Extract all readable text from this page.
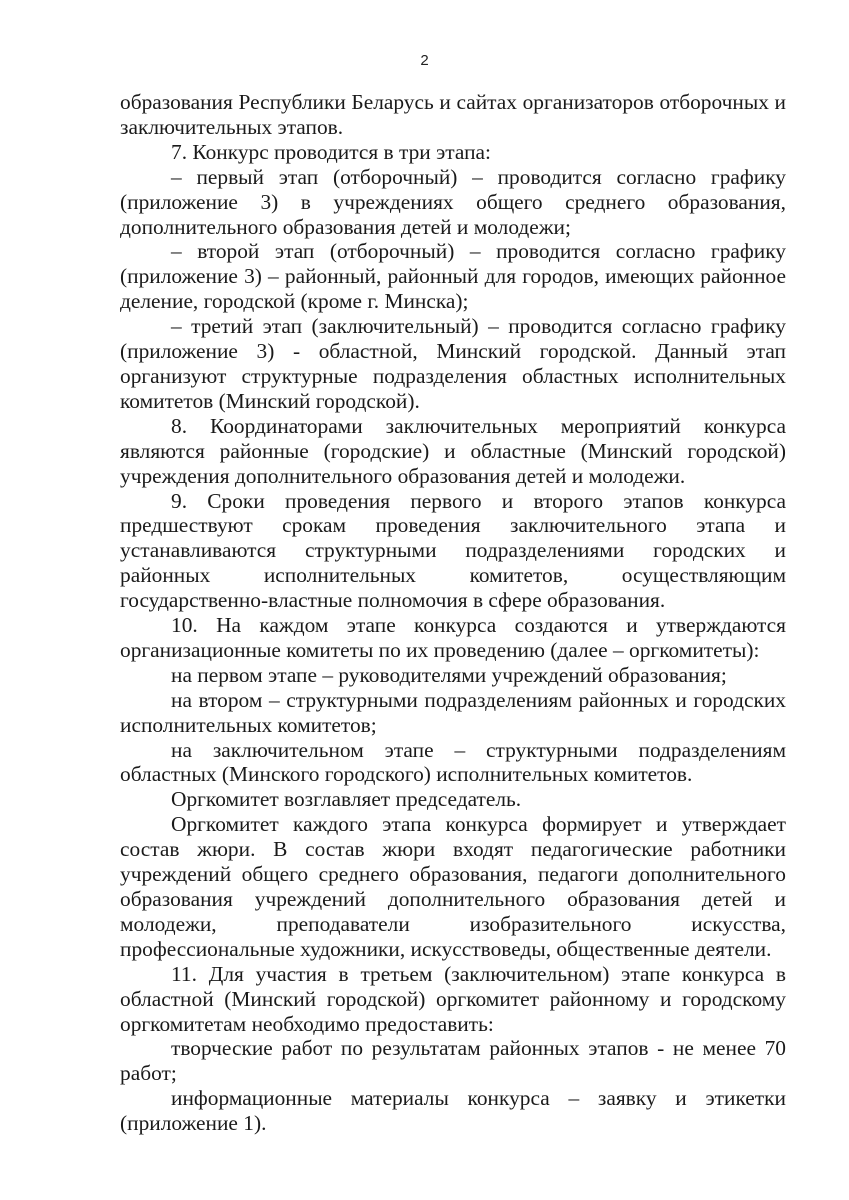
2

образования Республики Беларусь и сайтах организаторов отборочных и заключительных этапов.

7. Конкурс проводится в три этапа:

– первый этап (отборочный) – проводится согласно графику (приложение 3) в учреждениях общего среднего образования, дополнительного образования детей и молодежи;

– второй этап (отборочный) – проводится согласно графику (приложение 3) – районный, районный для городов, имеющих районное деление, городской (кроме г. Минска);

– третий этап (заключительный) – проводится согласно графику (приложение 3) - областной, Минский городской. Данный этап организуют структурные подразделения областных исполнительных комитетов (Минский городской).

8. Координаторами заключительных мероприятий конкурса являются районные (городские) и областные (Минский городской) учреждения дополнительного образования детей и молодежи.

9. Сроки проведения первого и второго этапов конкурса предшествуют срокам проведения заключительного этапа и устанавливаются структурными подразделениями городских и районных исполнительных комитетов, осуществляющим государственно-властные полномочия в сфере образования.

10. На каждом этапе конкурса создаются и утверждаются организационные комитеты по их проведению (далее – оргкомитеты):

на первом этапе – руководителями учреждений образования;

на втором – структурными подразделениям районных и городских исполнительных комитетов;

на заключительном этапе – структурными подразделениям областных (Минского городского) исполнительных комитетов.

Оргкомитет возглавляет председатель.

Оргкомитет каждого этапа конкурса формирует и утверждает состав жюри. В состав жюри входят педагогические работники учреждений общего среднего образования, педагоги дополнительного образования учреждений дополнительного образования детей и молодежи, преподаватели изобразительного искусства, профессиональные художники, искусствоведы, общественные деятели.

11. Для участия в третьем (заключительном) этапе конкурса в областной (Минский городской) оргкомитет районному и городскому оргкомитетам необходимо предоставить:

творческие работ по результатам районных этапов - не менее 70 работ;

информационные материалы конкурса – заявку и этикетки (приложение 1).
